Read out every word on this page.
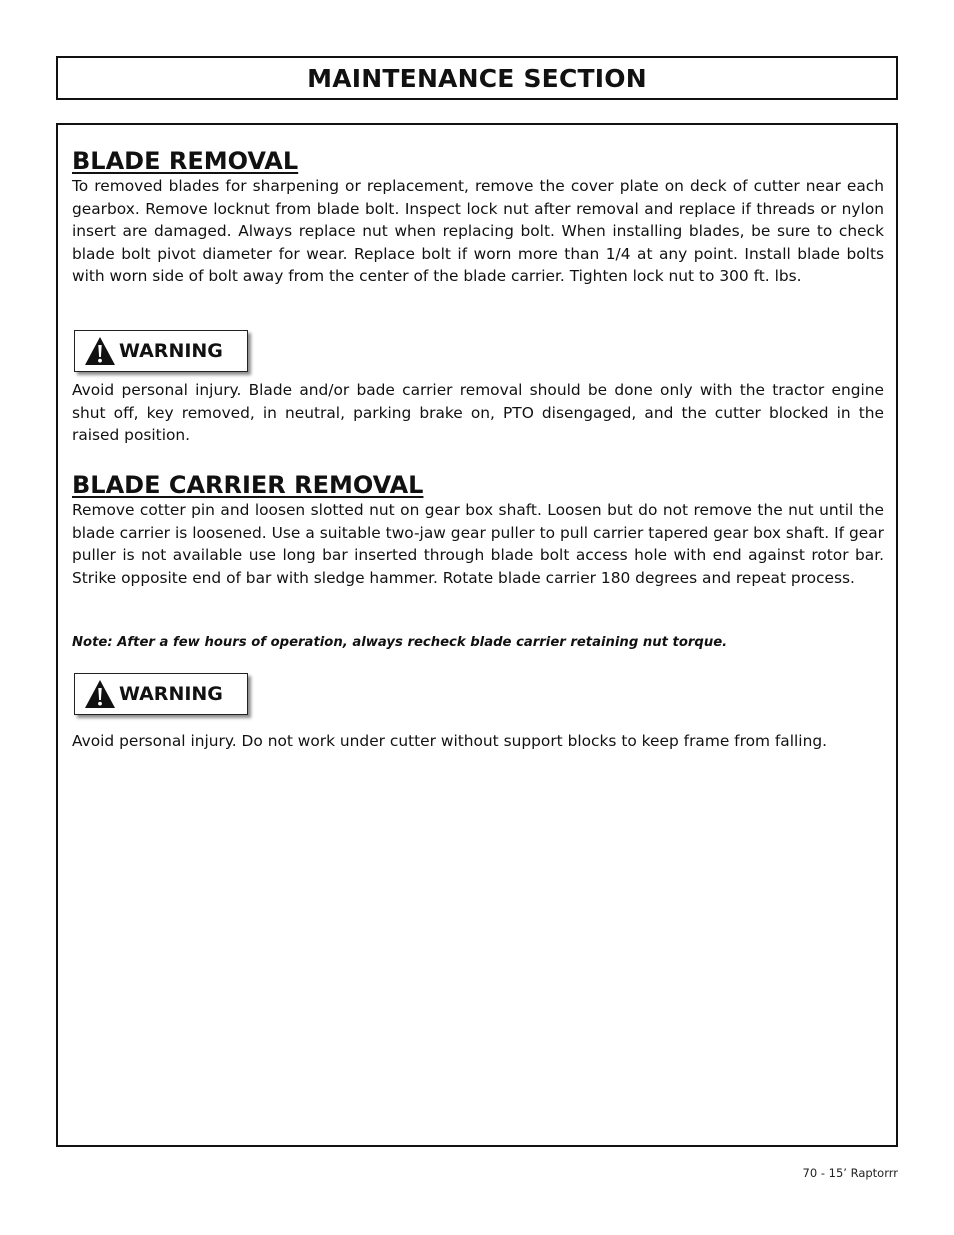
MAINTENANCE SECTION
BLADE REMOVAL

To removed blades for sharpening or replacement, remove the cover plate on deck of cutter near each gearbox. Remove locknut from blade bolt. Inspect lock nut after removal and replace if threads or nylon insert are damaged. Always replace nut when replacing bolt. When installing blades, be sure to check blade bolt pivot diameter for wear. Replace bolt if worn more than 1/4 at any point. Install blade bolts with worn side of bolt away from the center of the blade carrier. Tighten lock nut to 300 ft. lbs.

WARNING

Avoid personal injury. Blade and/or bade carrier removal should be done only with the tractor engine shut off, key removed, in neutral, parking brake on, PTO disengaged, and the cutter blocked in the raised position.

BLADE CARRIER REMOVAL

Remove cotter pin and loosen slotted nut on gear box shaft. Loosen but do not remove the nut until the blade carrier is loosened. Use a suitable two-jaw gear puller to pull carrier tapered gear box shaft. If gear puller is not available use long bar inserted through blade bolt access hole with end against rotor bar. Strike opposite end of bar with sledge hammer. Rotate blade carrier 180 degrees and repeat process.

Note: After a few hours of operation, always recheck blade carrier retaining nut torque.

WARNING

Avoid personal injury. Do not work under cutter without support blocks to keep frame from falling.

70 - 15’ Raptorrr
